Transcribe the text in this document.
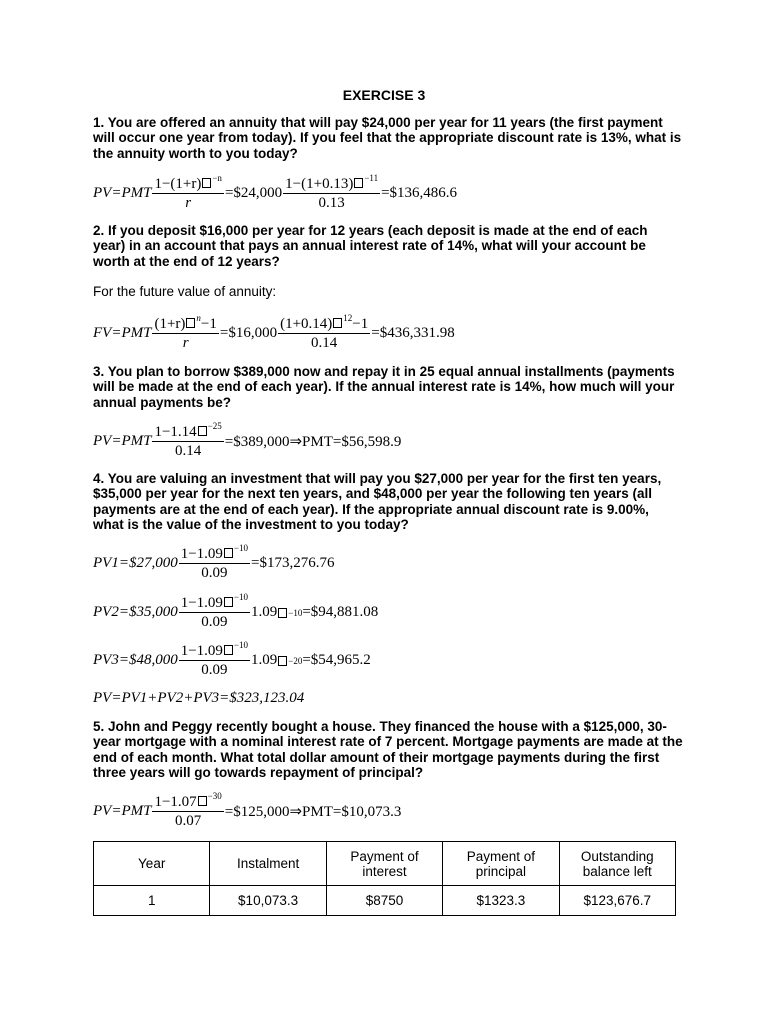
EXERCISE 3
1. You are offered an annuity that will pay $24,000 per year for 11 years (the first payment will occur one year from today). If you feel that the appropriate discount rate is 13%, what is the annuity worth to you today?
$PV=PMT \frac{1-(1+r) ^{-n}}{r}$ =$24,000 $\frac{1-(1+0.13) ^{-11}}{0.13}$ =$136,486.6
2. If you deposit $16,000 per year for 12 years (each deposit is made at the end of each year) in an account that pays an annual interest rate of 14%, what will your account be worth at the end of 12 years?
For the future value of annuity:
$FV=PMT \frac{(1+r) ^n-1}{r}$ =$16,000 $\frac{(1+0.14) ^{12}-1}{0.14}$ =$436,331.98
3. You plan to borrow $389,000 now and repay it in 25 equal annual installments (payments will be made at the end of each year). If the annual interest rate is 14%, how much will your annual payments be?
$PV=PMT \frac{1-1.14 ^{-25}}{0.14}$ =$389,000⇒PMT=$56,598.9
4. You are valuing an investment that will pay you $27,000 per year for the first ten years, $35,000 per year for the next ten years, and $48,000 per year the following ten years (all payments are at the end of each year). If the appropriate annual discount rate is 9.00%, what is the value of the investment to you today?
PV1=$27,000 $\frac{1-1.09 ^{-10}}{0.09}$ =$173,276.76
PV2=$35,000 $\frac{1-1.09 ^{-10}}{0.09} 1.09 -10$ =$94,881.08
PV3=$48,000 $\frac{1-1.09 ^{-10}}{0.09} 1.09 -20$ =$54,965.2
PV=PV1+PV2+PV3=$323,123.04
5. John and Peggy recently bought a house. They financed the house with a $125,000, 30- year mortgage with a nominal interest rate of 7 percent. Mortgage payments are made at the end of each month. What total dollar amount of their mortgage payments during the first three years will go towards repayment of principal?
$PV=PMT \frac{1-1.07 ^{-30}}{0.07}$ =$125,000⇒PMT=$10,073.3
Year	Instalment	Payment of interest	Payment of principal	Outstanding balance left
1	$10,073.3	$8750	$1323.3	$123,676.7
